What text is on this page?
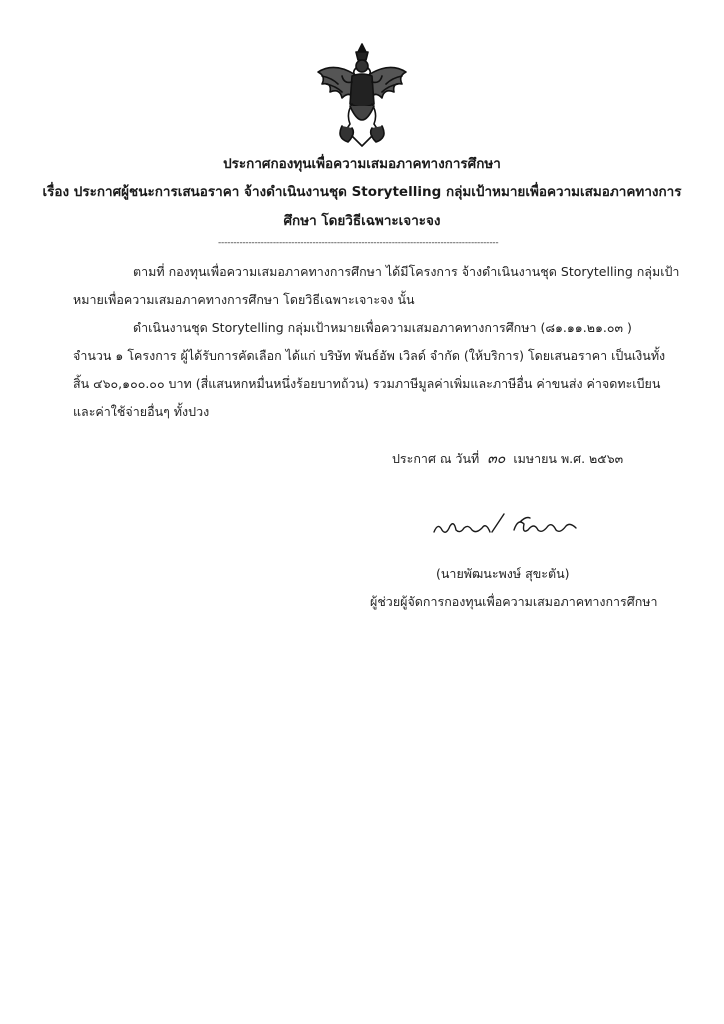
ประกาศกองทุนเพื่อความเสมอภาคทางการศึกษา
เรื่อง ประกาศผู้ชนะการเสนอราคา จ้างดำเนินงานชุด Storytelling กลุ่มเป้าหมายเพื่อความเสมอภาคทางการ
ศึกษา โดยวิธีเฉพาะเจาะจง
--------------------------------------------------------------------------------------------
ตามที่ กองทุนเพื่อความเสมอภาคทางการศึกษา ได้มีโครงการ จ้างดำเนินงานชุด Storytelling กลุ่มเป้า
หมายเพื่อความเสมอภาคทางการศึกษา โดยวิธีเฉพาะเจาะจง นั้น
ดำเนินงานชุด Storytelling กลุ่มเป้าหมายเพื่อความเสมอภาคทางการศึกษา (๘๑.๑๑.๒๑.๐๓ )
จำนวน ๑ โครงการ ผู้ได้รับการคัดเลือก ได้แก่ บริษัท พันธ์อัพ เวิลด์ จำกัด (ให้บริการ) โดยเสนอราคา เป็นเงินทั้ง
สิ้น ๔๖๐,๑๐๐.๐๐ บาท (สี่แสนหกหมื่นหนึ่งร้อยบาทถ้วน) รวมภาษีมูลค่าเพิ่มและภาษีอื่น ค่าขนส่ง ค่าจดทะเบียน
และค่าใช้จ่ายอื่นๆ ทั้งปวง
ประกาศ ณ วันที่ ๓๐ เมษายน พ.ศ. ๒๕๖๓
(นายพัฒนะพงษ์ สุขะตัน)
ผู้ช่วยผู้จัดการกองทุนเพื่อความเสมอภาคทางการศึกษา
